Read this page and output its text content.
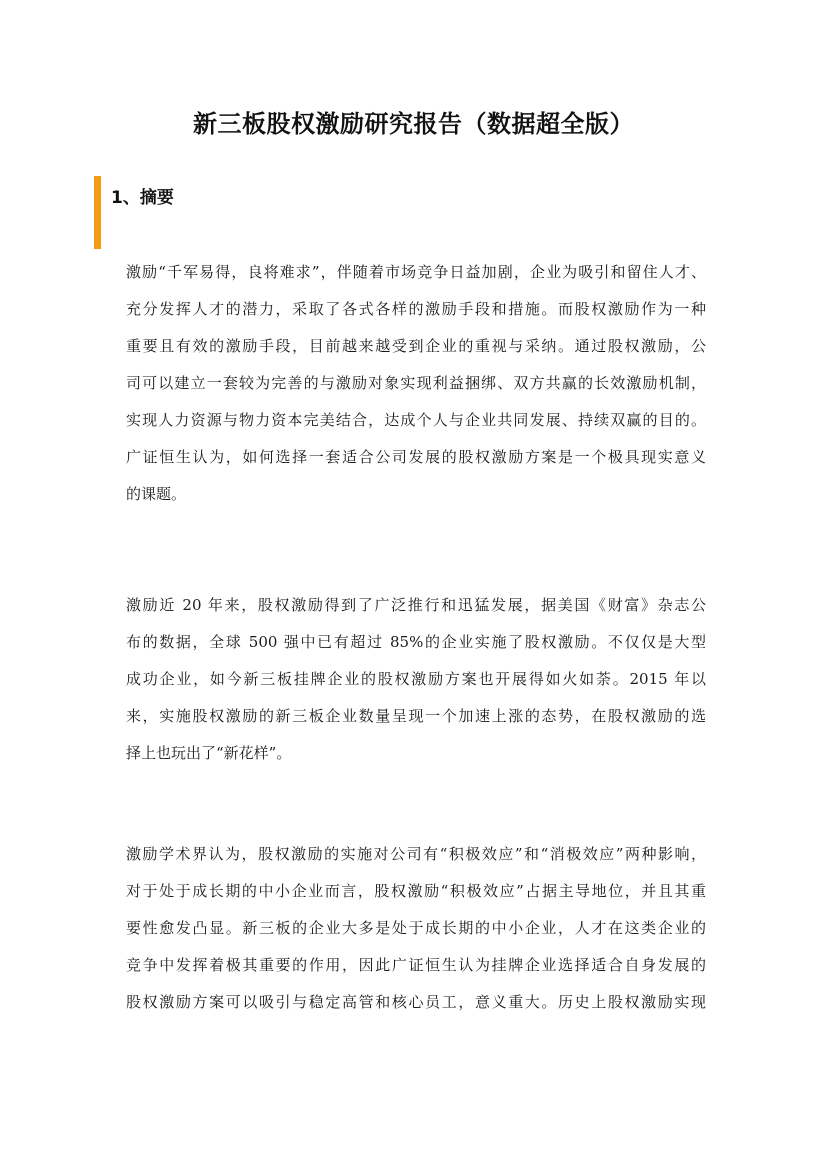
新三板股权激励研究报告（数据超全版）
1、摘要
激励“千军易得，良将难求”，伴随着市场竞争日益加剧，企业为吸引和留住人才、
充分发挥人才的潜力，采取了各式各样的激励手段和措施。而股权激励作为一种
重要且有效的激励手段，目前越来越受到企业的重视与采纳。通过股权激励，公
司可以建立一套较为完善的与激励对象实现利益捆绑、双方共赢的长效激励机制，
实现人力资源与物力资本完美结合，达成个人与企业共同发展、持续双赢的目的。
广证恒生认为，如何选择一套适合公司发展的股权激励方案是一个极具现实意义
的课题。
激励近 20 年来，股权激励得到了广泛推行和迅猛发展，据美国《财富》杂志公
布的数据，全球 500 强中已有超过 85%的企业实施了股权激励。不仅仅是大型
成功企业，如今新三板挂牌企业的股权激励方案也开展得如火如荼。2015 年以
来，实施股权激励的新三板企业数量呈现一个加速上涨的态势，在股权激励的选
择上也玩出了“新花样”。
激励学术界认为，股权激励的实施对公司有“积极效应”和“消极效应”两种影响，
对于处于成长期的中小企业而言，股权激励“积极效应”占据主导地位，并且其重
要性愈发凸显。新三板的企业大多是处于成长期的中小企业，人才在这类企业的
竞争中发挥着极其重要的作用，因此广证恒生认为挂牌企业选择适合自身发展的
股权激励方案可以吸引与稳定高管和核心员工，意义重大。历史上股权激励实现
